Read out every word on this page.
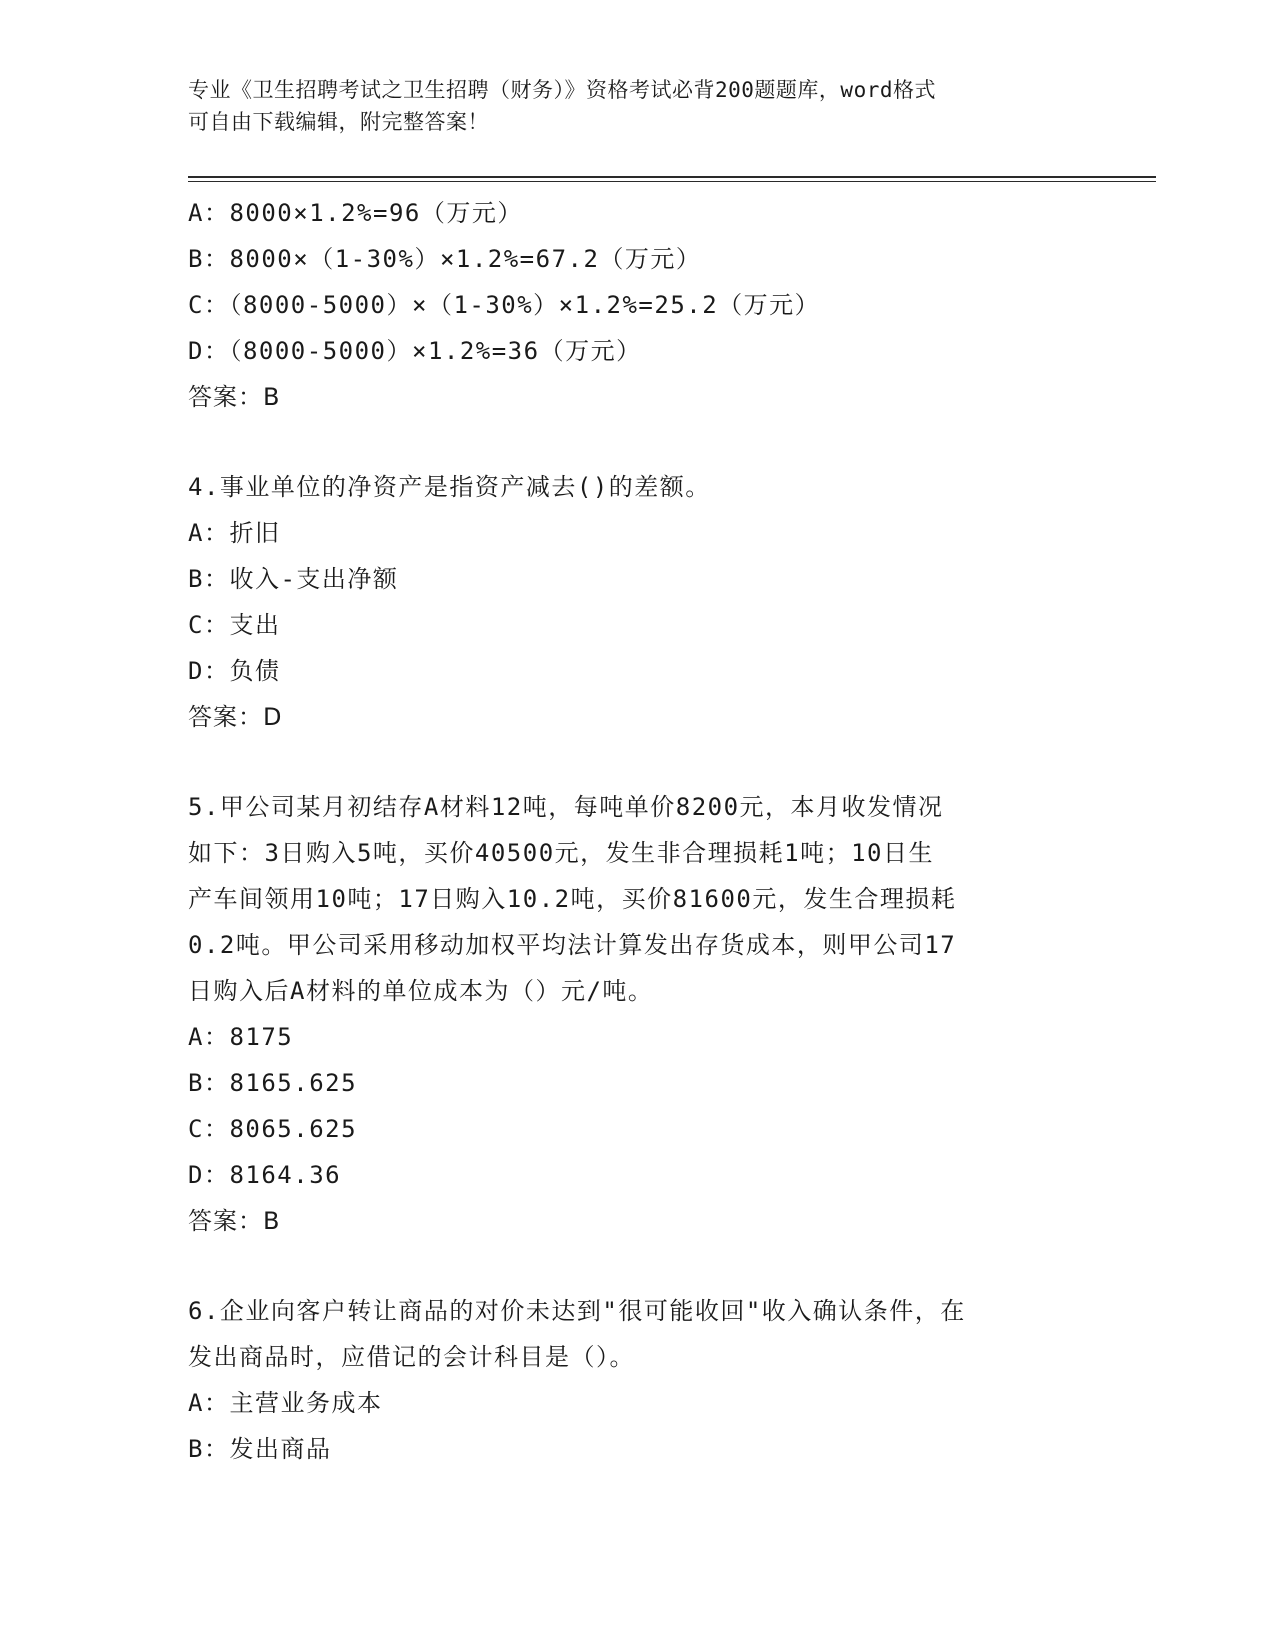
专业《卫生招聘考试之卫生招聘（财务）》资格考试必背200题题库，word格式
可自由下载编辑，附完整答案！
A：8000×1.2%=96（万元）
B：8000×（1-30%）×1.2%=67.2（万元）
C：（8000-5000）×（1-30%）×1.2%=25.2（万元）
D：（8000-5000）×1.2%=36（万元）
答案：B
4.事业单位的净资产是指资产减去()的差额。
A：折旧
B：收入-支出净额
C：支出
D：负债
答案：D
5.甲公司某月初结存A材料12吨，每吨单价8200元，本月收发情况
如下：3日购入5吨，买价40500元，发生非合理损耗1吨；10日生
产车间领用10吨；17日购入10.2吨，买价81600元，发生合理损耗
0.2吨。甲公司采用移动加权平均法计算发出存货成本，则甲公司17
日购入后A材料的单位成本为（）元/吨。
A：8175
B：8165.625
C：8065.625
D：8164.36
答案：B
6.企业向客户转让商品的对价未达到"很可能收回"收入确认条件，在
发出商品时，应借记的会计科目是（）。
A：主营业务成本
B：发出商品
